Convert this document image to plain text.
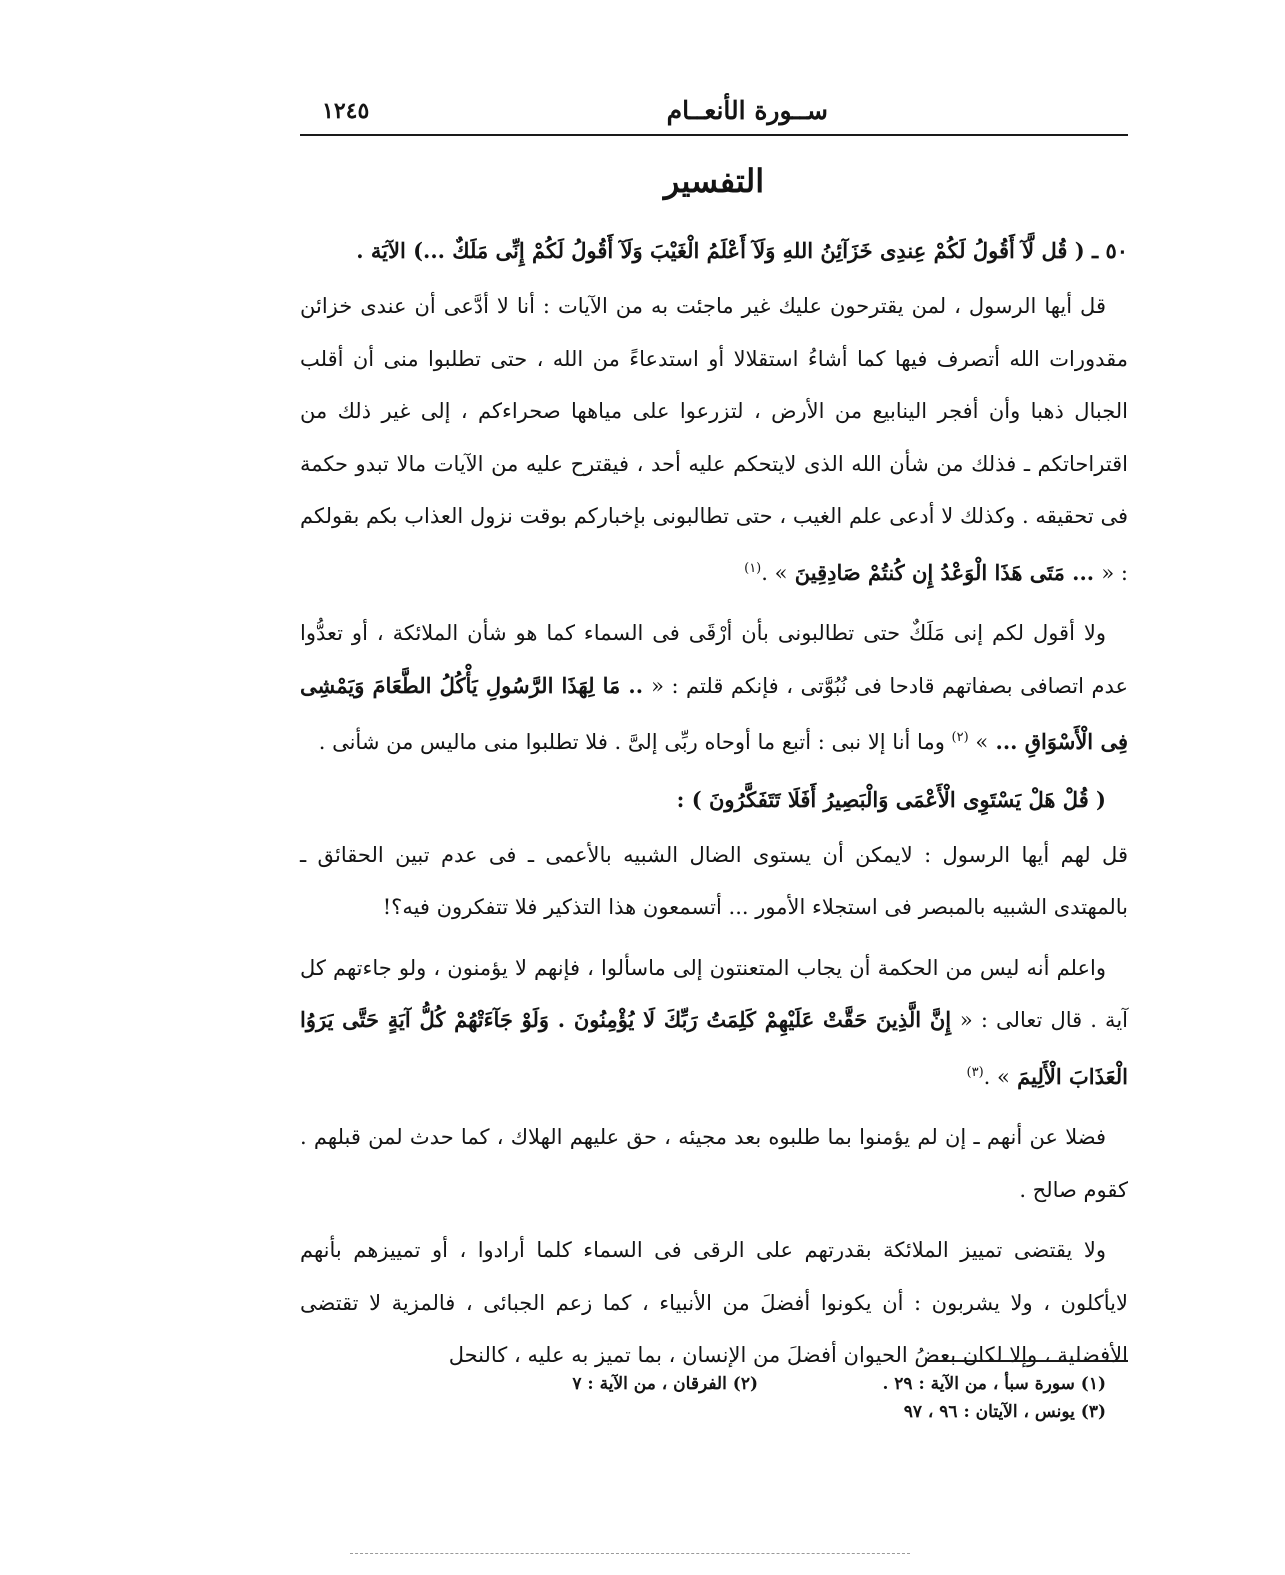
ســورة الأنعــام
١٢٤٥
التفسير
٥٠ ـ ( قُل لَّآ أَقُولُ لَكُمْ عِندِى خَزَآئِنُ اللهِ وَلَآ أَعْلَمُ الْغَيْبَ وَلَآ أَقُولُ لَكُمْ إِنِّى مَلَكٌ ...) الآيَة .

قل أيها الرسول ، لمن يقترحون عليك غير ماجئت به من الآيات : أنا لا أدَّعى أن عندى خزائن مقدورات الله أتصرف فيها كما أشاءُ استقلالا أو استدعاءً من الله ، حتى تطلبوا منى أن أقلب الجبال ذهبا وأن أفجر الينابيع من الأرض ، لتزرعوا على مياهها صحراءكم ، إلى غير ذلك من اقتراحاتكم ـ فذلك من شأن الله الذى لايتحكم عليه أحد ، فيقترح عليه من الآيات مالا تبدو حكمة فى تحقيقه . وكذلك لا أدعى علم الغيب ، حتى تطالبونى بإخباركم بوقت نزول العذاب بكم بقولكم : « ... مَتَى هَذَا الْوَعْدُ إِن كُنتُمْ صَادِقِينَ » .$^{(١)}$

ولا أقول لكم إنى مَلَكٌ حتى تطالبونى بأن أرْقَى فى السماء كما هو شأن الملائكة ، أو تعدُّوا عدم اتصافى بصفاتهم قادحا فى نُبُوَّتى ، فإنكم قلتم : « .. مَا لِهَذَا الرَّسُولِ يَأْكُلُ الطَّعَامَ وَيَمْشِى فِى الْأَسْوَاقِ ... » $^{(٢)}$ وما أنا إلا نبى : أتبع ما أوحاه ربِّى إلىَّ . فلا تطلبوا منى ماليس من شأنى .

( قُلْ هَلْ يَسْتَوِى الْأَعْمَى وَالْبَصِيرُ أَفَلَا تَتَفَكَّرُونَ ) :

قل لهم أيها الرسول : لايمكن أن يستوى الضال الشبيه بالأعمى ـ فى عدم تبين الحقائق ـ بالمهتدى الشبيه بالمبصر فى استجلاء الأمور ... أتسمعون هذا التذكير فلا تتفكرون فيه؟!

واعلم أنه ليس من الحكمة أن يجاب المتعنتون إلى ماسألوا ، فإنهم لا يؤمنون ، ولو جاءتهم كل آية . قال تعالى : « إِنَّ الَّذِينَ حَقَّتْ عَلَيْهِمْ كَلِمَتُ رَبِّكَ لَا يُؤْمِنُونَ . وَلَوْ جَآءَتْهُمْ كُلُّ آيَةٍ حَتَّى يَرَوُا الْعَذَابَ الْأَلِيمَ » .$^{(٣)}$

فضلا عن أنهم ـ إن لم يؤمنوا بما طلبوه بعد مجيئه ، حق عليهم الهلاك ، كما حدث لمن قبلهم . كقوم صالح .

ولا يقتضى تمييز الملائكة بقدرتهم على الرقى فى السماء كلما أرادوا ، أو تمييزهم بأنهم لايأكلون ، ولا يشربون : أن يكونوا أفضلَ من الأنبياء ، كما زعم الجبائى ، فالمزية لا تقتضى الأفضلية ، وإلا لكان بعضُ الحيوان أفضلَ من الإنسان ، بما تميز به عليه ، كالنحل

(١) سورة سبأ ، من الآية : ٢٩ .
(٢) الفرقان ، من الآية : ٧
(٣) يونس ، الآيتان : ٩٦ ، ٩٧
